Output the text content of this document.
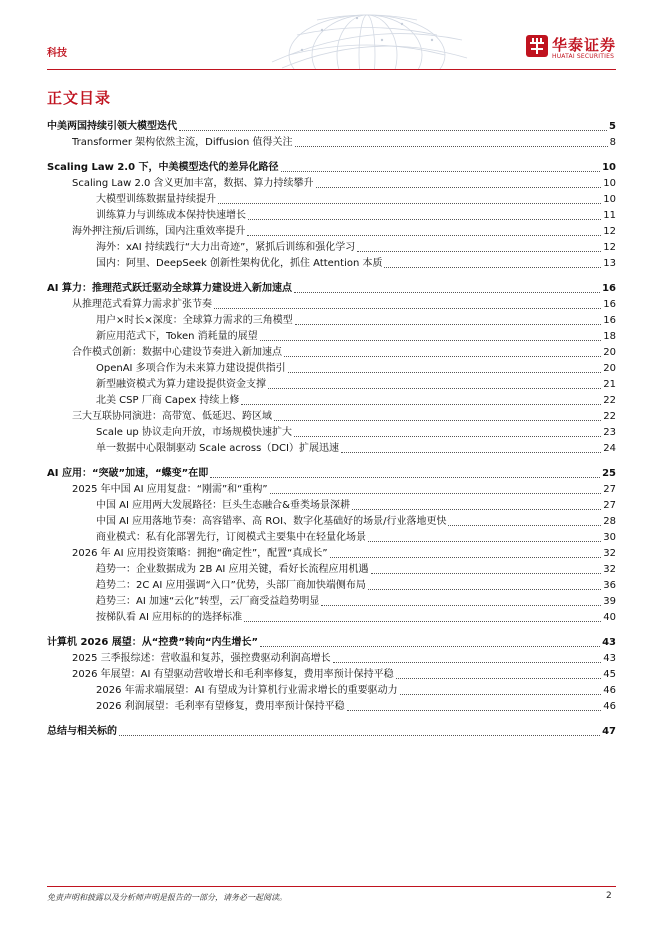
科技	华泰证券
HUATAI SECURITIES
正文目录
中美两国持续引领大模型迭代	5
Transformer 架构依然主流，Diffusion 值得关注	8
Scaling Law 2.0 下，中美模型迭代的差异化路径	10
Scaling Law 2.0 含义更加丰富，数据、算力持续攀升	10
大模型训练数据量持续提升	10
训练算力与训练成本保持快速增长	11
海外押注预/后训练，国内注重效率提升	12
海外：xAI 持续践行“大力出奇迹”，紧抓后训练和强化学习	12
国内：阿里、DeepSeek 创新性架构优化，抓住 Attention 本质	13
AI 算力：推理范式跃迁驱动全球算力建设进入新加速点	16
从推理范式看算力需求扩张节奏	16
用户×时长×深度：全球算力需求的三角模型	16
新应用范式下，Token 消耗量的展望	18
合作模式创新：数据中心建设节奏进入新加速点	20
OpenAI 多项合作为未来算力建设提供指引	20
新型融资模式为算力建设提供资金支撑	21
北美 CSP 厂商 Capex 持续上修	22
三大互联协同演进：高带宽、低延迟、跨区域	22
Scale up 协议走向开放，市场规模快速扩大	23
单一数据中心限制驱动 Scale across（DCI）扩展迅速	24
AI 应用：“突破”加速，“蝶变”在即	25
2025 年中国 AI 应用复盘：“刚需”和“重构”	27
中国 AI 应用两大发展路径：巨头生态融合&垂类场景深耕	27
中国 AI 应用落地节奏：高容错率、高 ROI、数字化基础好的场景/行业落地更快	28
商业模式：私有化部署先行，订阅模式主要集中在轻量化场景	30
2026 年 AI 应用投资策略：拥抱“确定性”，配置“真成长”	32
趋势一：企业数据成为 2B AI 应用关键，看好长流程应用机遇	32
趋势二：2C AI 应用强调“入口”优势，头部厂商加快端侧布局	36
趋势三：AI 加速“云化”转型，云厂商受益趋势明显	39
按梯队看 AI 应用标的的选择标准	40
计算机 2026 展望：从“控费”转向“内生增长”	43
2025 三季报综述：营收温和复苏，强控费驱动利润高增长	43
2026 年展望：AI 有望驱动营收增长和毛利率修复，费用率预计保持平稳	45
2026 年需求端展望：AI 有望成为计算机行业需求增长的重要驱动力	46
2026 利润展望：毛利率有望修复，费用率预计保持平稳	46
总结与相关标的	47
免责声明和披露以及分析师声明是报告的一部分，请务必一起阅读。	2
